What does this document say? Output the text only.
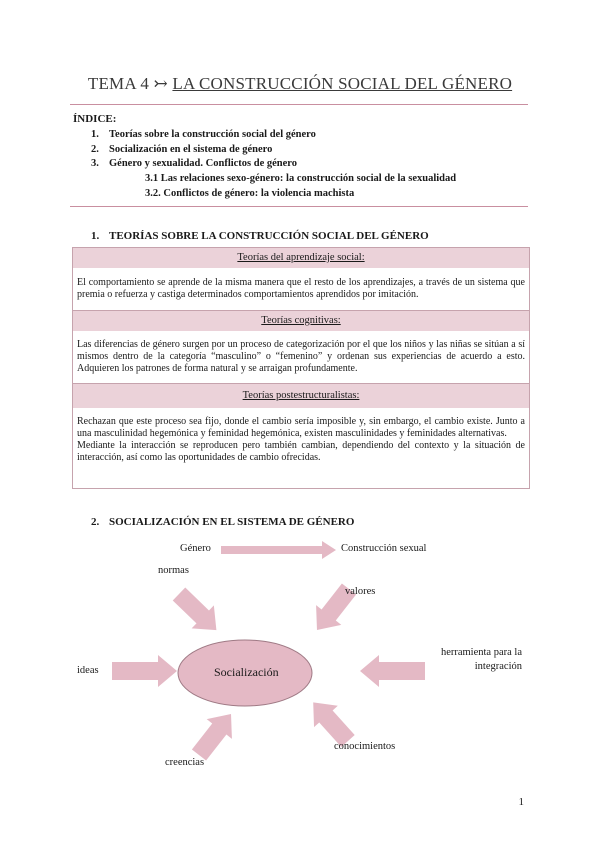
TEMA 4 ↣ LA CONSTRUCCIÓN SOCIAL DEL GÉNERO
ÍNDICE:
1. Teorías sobre la construcción social del género
2. Socialización en el sistema de género
3. Género y sexualidad. Conflictos de género
3.1 Las relaciones sexo-género: la construcción social de la sexualidad
3.2. Conflictos de género: la violencia machista
1. TEORÍAS SOBRE LA CONSTRUCCIÓN SOCIAL DEL GÉNERO
Teorías del aprendizaje social:

El comportamiento se aprende de la misma manera que el resto de los aprendizajes, a través de un sistema que premia o refuerza y castiga determinados comportamientos aprendidos por imitación.

Teorías cognitivas:

Las diferencias de género surgen por un proceso de categorización por el que los niños y las niñas se sitúan a sí mismos dentro de la categoría “masculino” o “femenino” y ordenan sus experiencias de acuerdo a esto. Adquieren los patrones de forma natural y se arraigan profundamente.

Teorías postestructuralistas:

Rechazan que este proceso sea fijo, donde el cambio sería imposible y, sin embargo, el cambio existe. Junto a una masculinidad hegemónica y feminidad hegemónica, existen masculinidades y feminidades alternativas.

Mediante la interacción se reproducen pero también cambian, dependiendo del contexto y la situación de interacción, así como las oportunidades de cambio ofrecidas.

2. SOCIALIZACIÓN EN EL SISTEMA DE GÉNERO
Género	Construcción sexual
Socialización
normas
valores
ideas
conocimientos
creencias
herramienta para la
integración
1
